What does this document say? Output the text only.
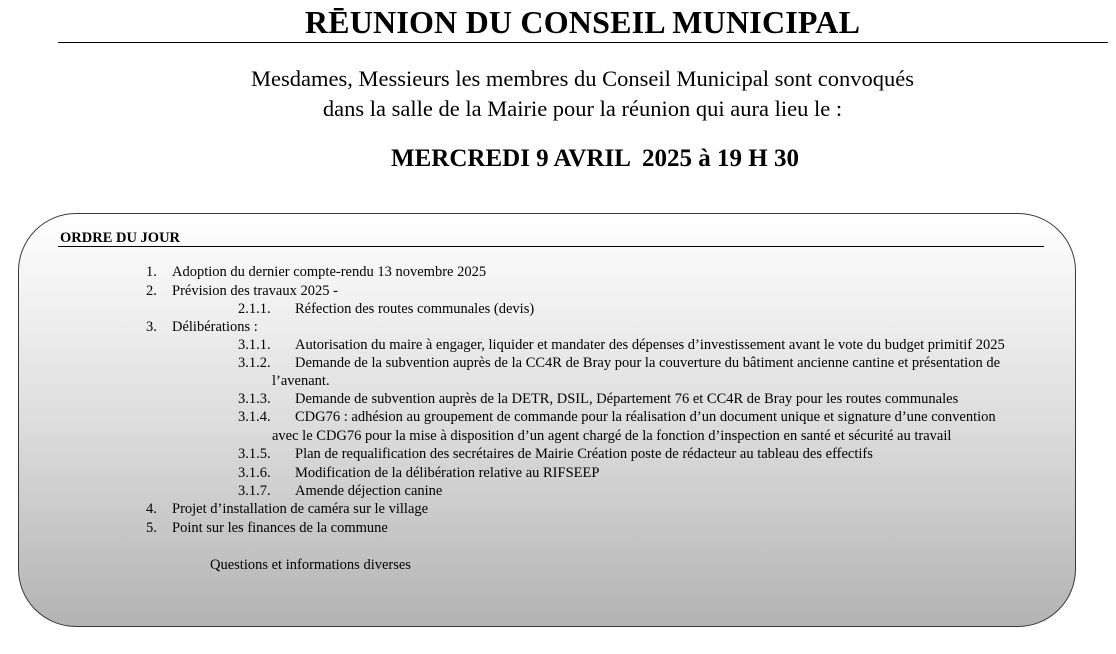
RĒUNION DU CONSEIL MUNICIPAL
Mesdames, Messieurs les membres du Conseil Municipal sont convoqués
dans la salle de la Mairie pour la réunion qui aura lieu le :
MERCREDI 9 AVRIL  2025 à 19 H 30
ORDRE DU JOUR
1. Adoption du dernier compte-rendu 13 novembre 2025
2. Prévision des travaux 2025 -
2.1.1. Réfection des routes communales (devis)
3. Délibérations :
3.1.1. Autorisation du maire à engager, liquider et mandater des dépenses d’investissement avant le vote du budget primitif 2025
3.1.2. Demande de la subvention auprès de la CC4R de Bray pour la couverture du bâtiment ancienne cantine et présentation de
l’avenant.
3.1.3. Demande de subvention auprès de la DETR, DSIL, Département 76 et CC4R de Bray pour les routes communales
3.1.4. CDG76 : adhésion au groupement de commande pour la réalisation d’un document unique et signature d’une convention
avec le CDG76 pour la mise à disposition d’un agent chargé de la fonction d’inspection en santé et sécurité au travail
3.1.5. Plan de requalification des secrétaires de Mairie Création poste de rédacteur au tableau des effectifs
3.1.6. Modification de la délibération relative au RIFSEEP
3.1.7. Amende déjection canine
4. Projet d’installation de caméra sur le village
5. Point sur les finances de la commune
Questions et informations diverses
